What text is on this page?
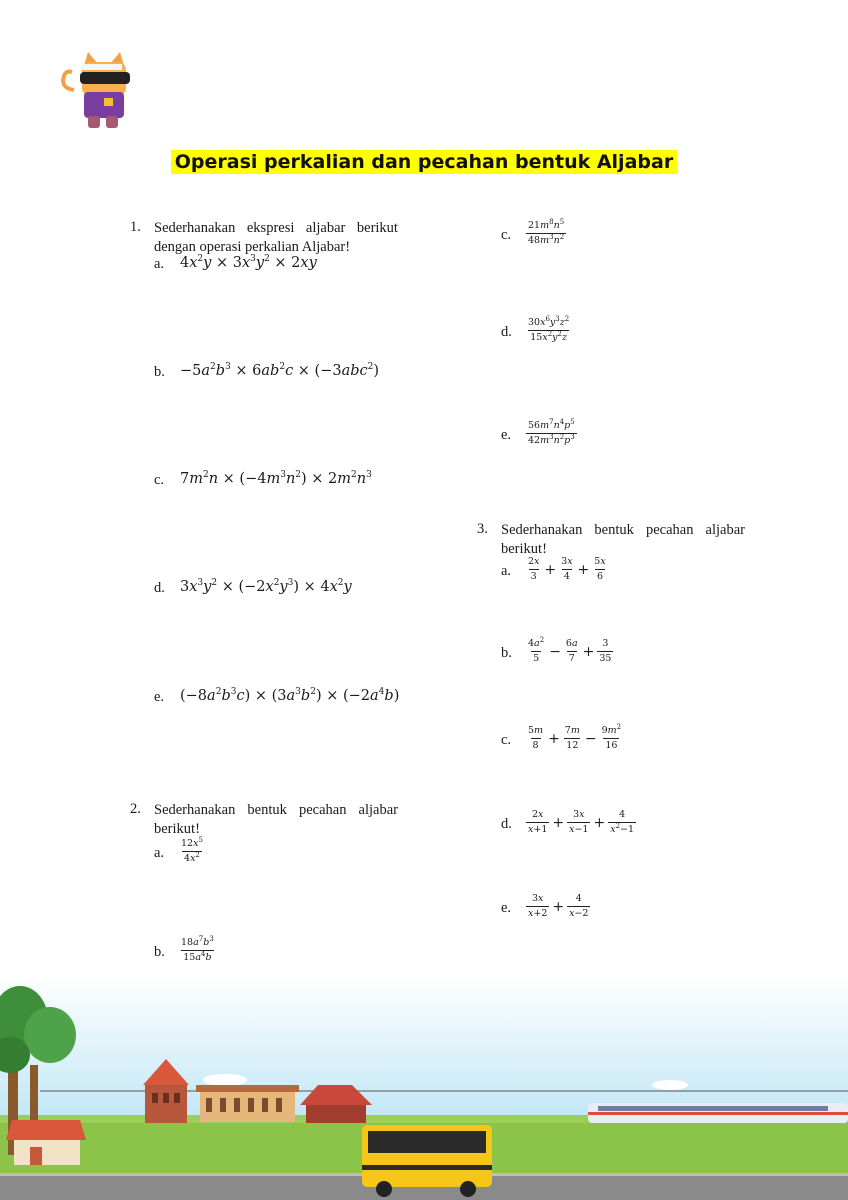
Operasi perkalian dan pecahan bentuk Aljabar
1. Sederhanakan ekspresi aljabar berikut
dengan operasi perkalian Aljabar!
a. $4x^2y \times 3x^3y^2 \times 2xy$
b. $-5a^2b^3 \times 6ab^2c \times (-3abc^2)$
c. $7m^2n \times (-4m^3n^2) \times 2m^2n^3$
d. $3x^3y^2 \times (-2x^2y^3) \times 4x^2y$
e. $(-8a^2b^3c) \times (3a^3b^2) \times (-2a^4b)$
2. Sederhanakan bentuk pecahan aljabar
berikut!
a. $\frac{12x^5}{4x^2}$
b. $\frac{18a^7b^3}{15a^4b}$
c. $\frac{21m^8n^5}{48m^3n^2}$
d. $\frac{30x^6y^3z^2}{15x^2y^2z}$
e. $\frac{56m^7n^4p^5}{42m^3n^2p^3}$
3. Sederhanakan bentuk pecahan aljabar
berikut!
a. $\frac{2x}{3} + \frac{3x}{4} + \frac{5x}{6}$
b. $\frac{4a^2}{5} - \frac{6a}{7} + \frac{3}{35}$
c. $\frac{5m}{8} + \frac{7m}{12} - \frac{9m^2}{16}$
d. $\frac{2x}{x+1} + \frac{3x}{x-1} + \frac{4}{x^2-1}$
e. $\frac{3x}{x+2} + \frac{4}{x-2}$
